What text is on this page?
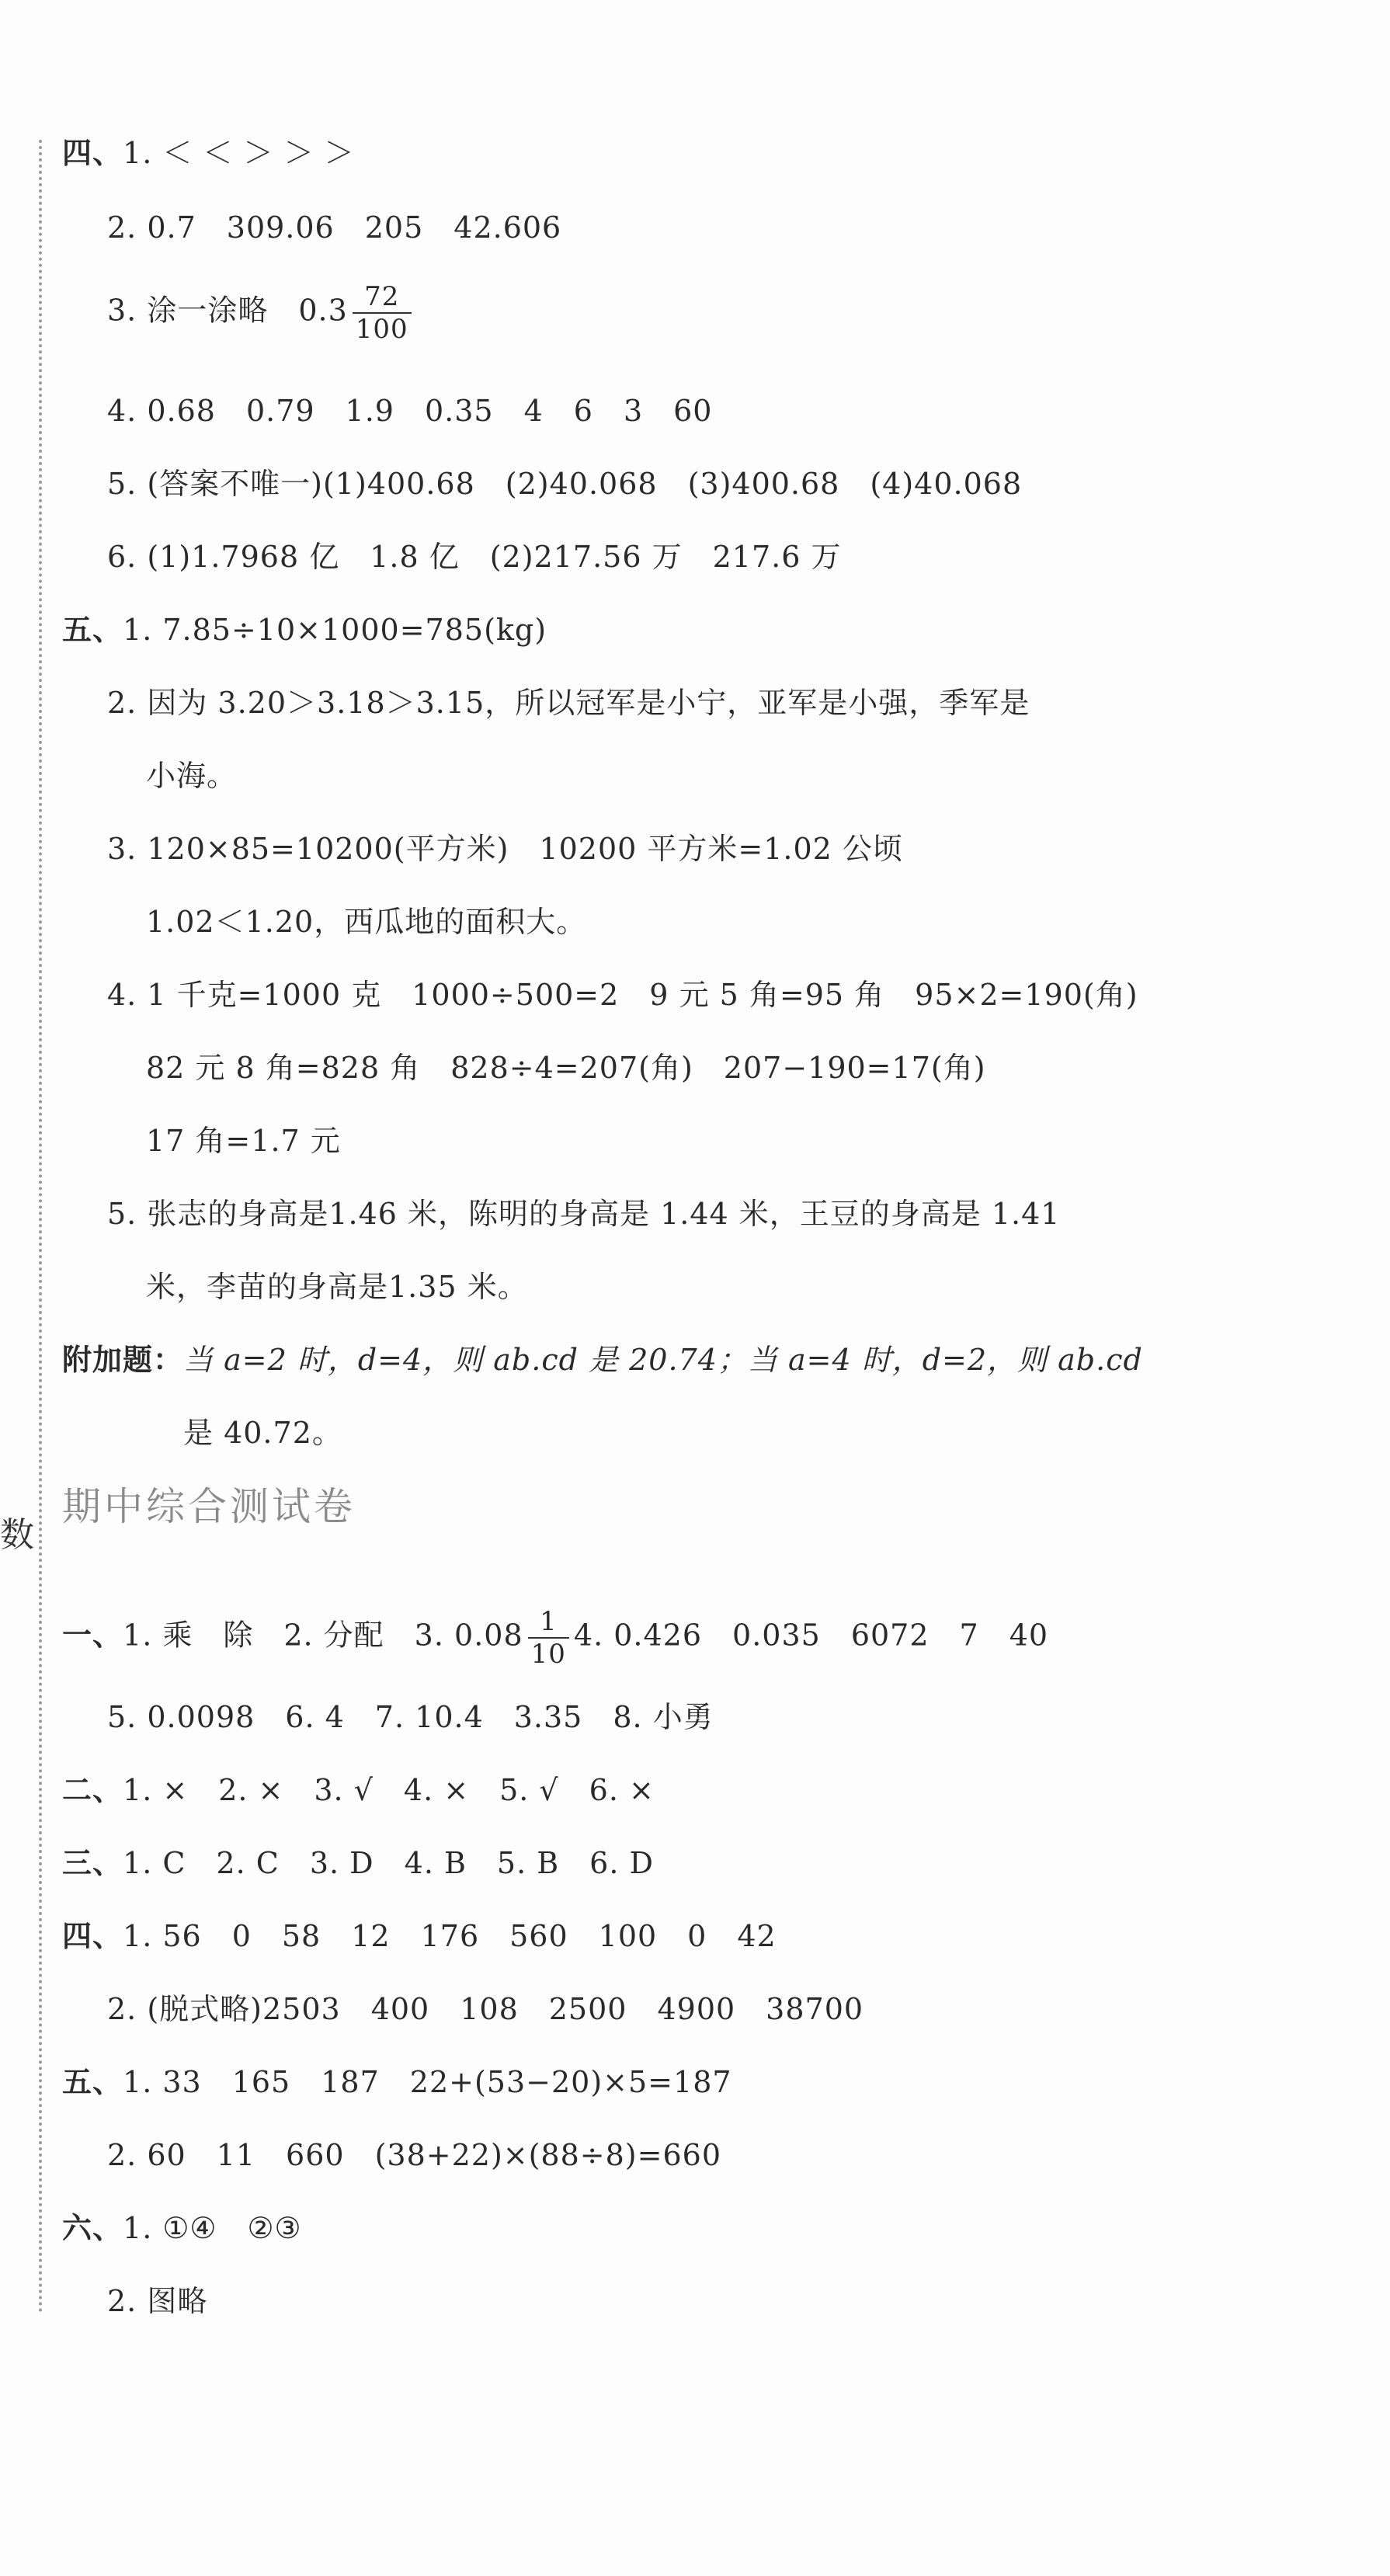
数
四、1. ＜ ＜ ＞ ＞ ＞
2. 0.7　309.06　205　42.606
3. 涂一涂略　$0.3 \frac{72}{100}$
4. 0.68　0.79　1.9　0.35　4　6　3　60
5. (答案不唯一)(1)400.68　(2)40.068　(3)400.68　(4)40.068
6. (1)1.7968 亿　1.8 亿　(2)217.56 万　217.6 万
五、1. 7.85÷10×1000=785(kg)
2. 因为 3.20＞3.18＞3.15，所以冠军是小宁，亚军是小强，季军是
小海。
3. 120×85=10200(平方米)　10200 平方米=1.02 公顷
1.02＜1.20，西瓜地的面积大。
4. 1 千克=1000 克　1000÷500=2　9 元 5 角=95 角　95×2=190(角)
82 元 8 角=828 角　828÷4=207(角)　207−190=17(角)
17 角=1.7 元
5. 张志的身高是1.46 米，陈明的身高是 1.44 米，王豆的身高是 1.41
米，李苗的身高是1.35 米。
附加题：当 a=2 时，d=4，则 ab.cd 是 20.74；当 a=4 时，d=2，则 ab.cd
是 40.72。
期中综合测试卷
一、1. 乘　除　2. 分配　3. $0.08 \frac{1}{10} 4$. 0.426　0.035　6072　7　40
5. 0.0098　6. 4　7. 10.4　3.35　8. 小勇
二、1. ×　2. ×　3. √　4. ×　5. √　6. ×
三、1. C　2. C　3. D　4. B　5. B　6. D
四、1. 56　0　58　12　176　560　100　0　42
2. (脱式略)2503　400　108　2500　4900　38700
五、1. 33　165　187　22+(53−20)×5=187
2. 60　11　660　(38+22)×(88÷8)=660
六、1. ①④　②③
2. 图略
